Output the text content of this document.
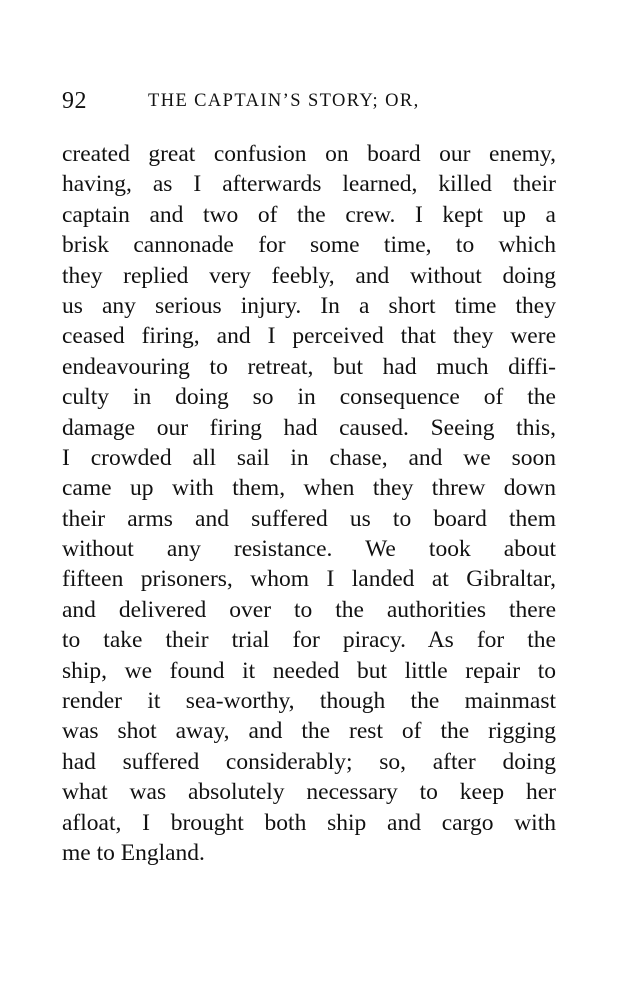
92	THE CAPTAIN’S STORY; OR,
created great confusion on board our enemy,
having, as I afterwards learned, killed their
captain and two of the crew. I kept up a
brisk cannonade for some time, to which
they replied very feebly, and without doing
us any serious injury. In a short time they
ceased firing, and I perceived that they were
endeavouring to retreat, but had much diffi-
culty in doing so in consequence of the
damage our firing had caused. Seeing this,
I crowded all sail in chase, and we soon
came up with them, when they threw down
their arms and suffered us to board them
without any resistance. We took about
fifteen prisoners, whom I landed at Gibraltar,
and delivered over to the authorities there
to take their trial for piracy. As for the
ship, we found it needed but little repair to
render it sea-worthy, though the mainmast
was shot away, and the rest of the rigging
had suffered considerably; so, after doing
what was absolutely necessary to keep her
afloat, I brought both ship and cargo with
me to England.
